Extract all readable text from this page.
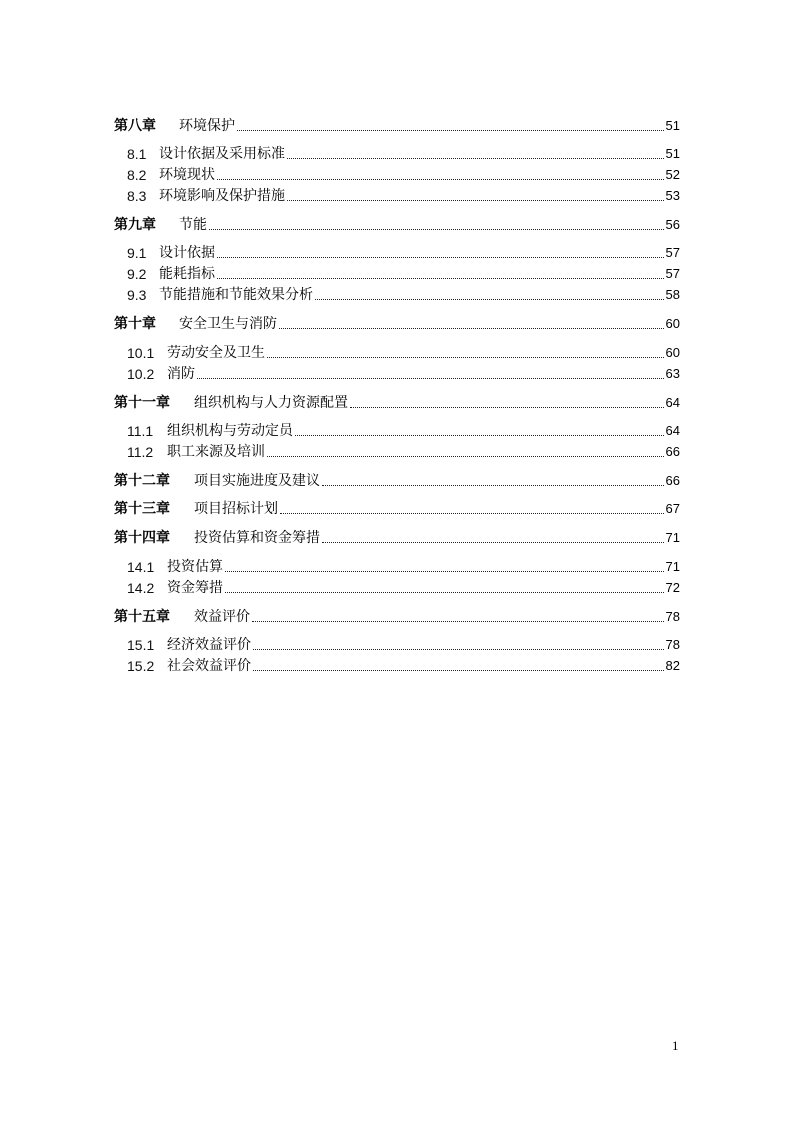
第八章	环境保护	51
8.1 设计依据及采用标准	51
8.2 环境现状	52
8.3 环境影响及保护措施	53
第九章	节能	56
9.1 设计依据	57
9.2 能耗指标	57
9.3 节能措施和节能效果分析	58
第十章	安全卫生与消防	60
10.1 劳动安全及卫生	60
10.2 消防	63
第十一章	组织机构与人力资源配置	64
11.1 组织机构与劳动定员	64
11.2 职工来源及培训	66
第十二章	项目实施进度及建议	66
第十三章	项目招标计划	67
第十四章	投资估算和资金筹措	71
14.1 投资估算	71
14.2 资金筹措	72
第十五章	效益评价	78
15.1 经济效益评价	78
15.2 社会效益评价	82
1
